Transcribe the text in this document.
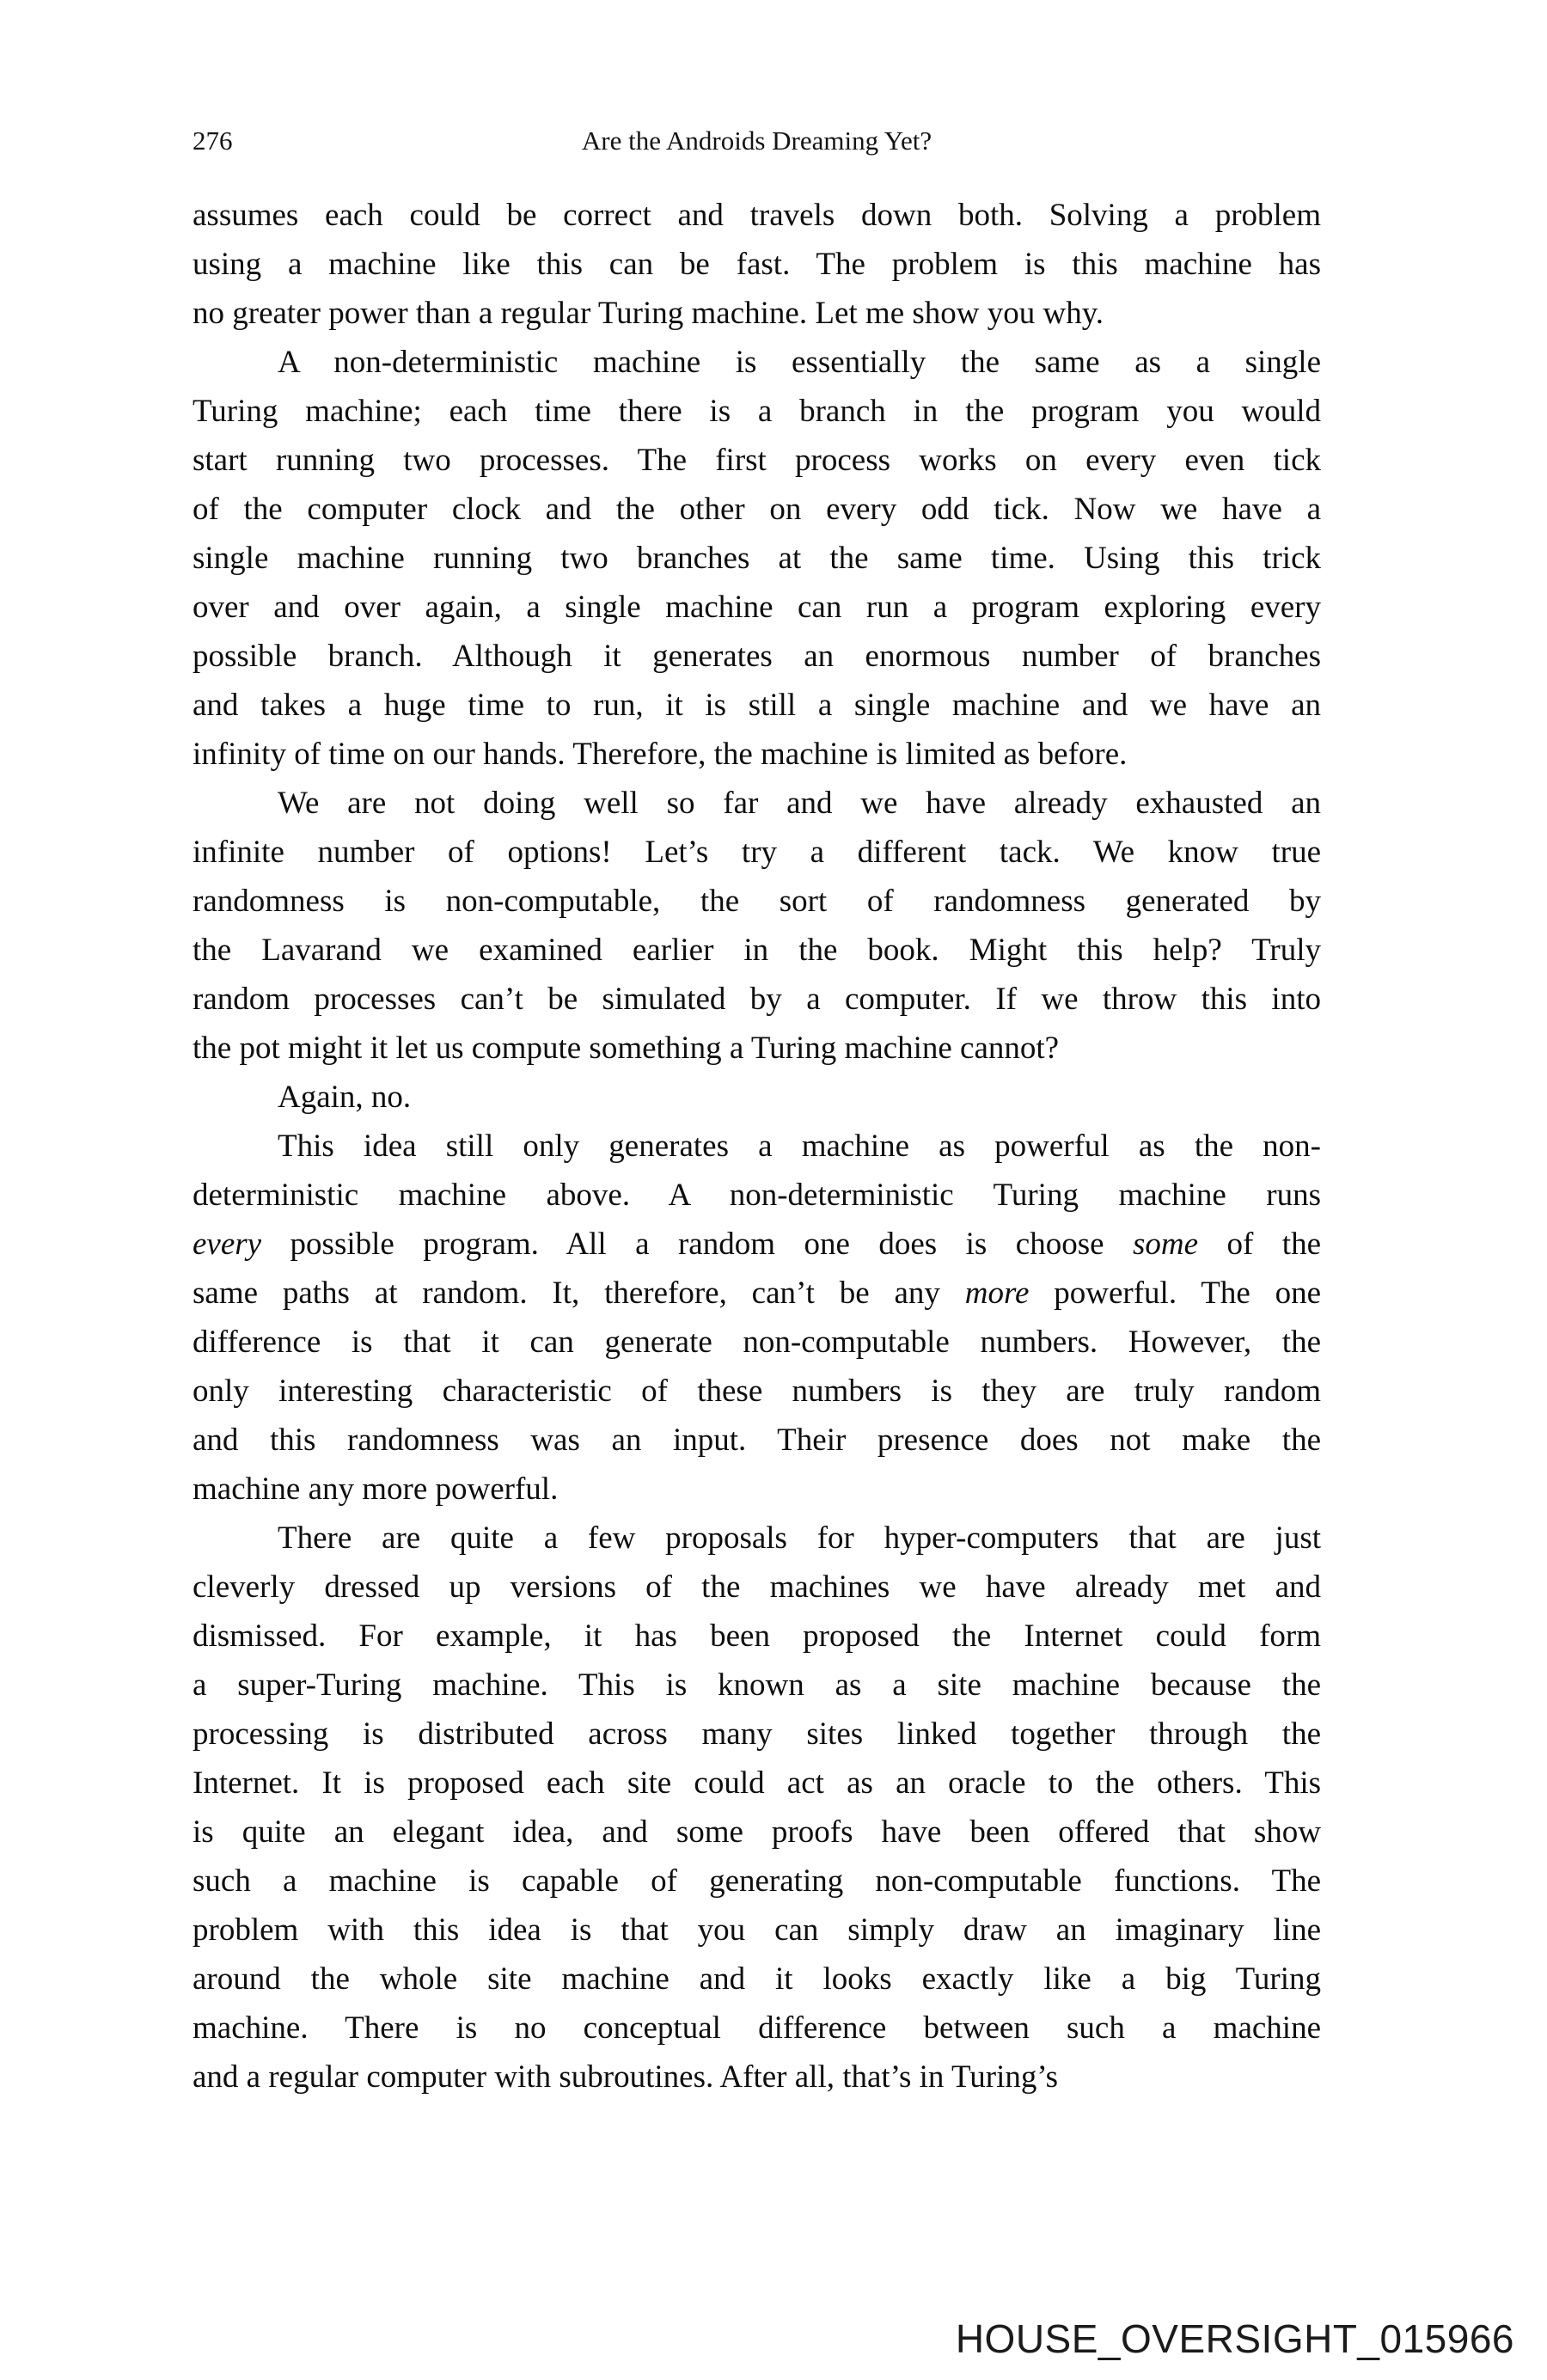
276	Are the Androids Dreaming Yet?
assumes each could be correct and travels down both. Solving a problem
using a machine like this can be fast. The problem is this machine has
no greater power than a regular Turing machine. Let me show you why.
A non-deterministic machine is essentially the same as a single
Turing machine; each time there is a branch in the program you would
start running two processes. The first process works on every even tick
of the computer clock and the other on every odd tick. Now we have a
single machine running two branches at the same time. Using this trick
over and over again, a single machine can run a program exploring every
possible branch. Although it generates an enormous number of branches
and takes a huge time to run, it is still a single machine and we have an
infinity of time on our hands. Therefore, the machine is limited as before.
We are not doing well so far and we have already exhausted an
infinite number of options! Let’s try a different tack. We know true
randomness is non-computable, the sort of randomness generated by
the Lavarand we examined earlier in the book. Might this help? Truly
random processes can’t be simulated by a computer. If we throw this into
the pot might it let us compute something a Turing machine cannot?
Again, no.
This idea still only generates a machine as powerful as the non-
deterministic machine above. A non-deterministic Turing machine runs
every possible program. All a random one does is choose some of the
same paths at random. It, therefore, can’t be any more powerful. The one
difference is that it can generate non-computable numbers. However, the
only interesting characteristic of these numbers is they are truly random
and this randomness was an input. Their presence does not make the
machine any more powerful.
There are quite a few proposals for hyper-computers that are just
cleverly dressed up versions of the machines we have already met and
dismissed. For example, it has been proposed the Internet could form
a super-Turing machine. This is known as a site machine because the
processing is distributed across many sites linked together through the
Internet. It is proposed each site could act as an oracle to the others. This
is quite an elegant idea, and some proofs have been offered that show
such a machine is capable of generating non-computable functions. The
problem with this idea is that you can simply draw an imaginary line
around the whole site machine and it looks exactly like a big Turing
machine. There is no conceptual difference between such a machine
and a regular computer with subroutines. After all, that’s in Turing’s
HOUSE_OVERSIGHT_015966
